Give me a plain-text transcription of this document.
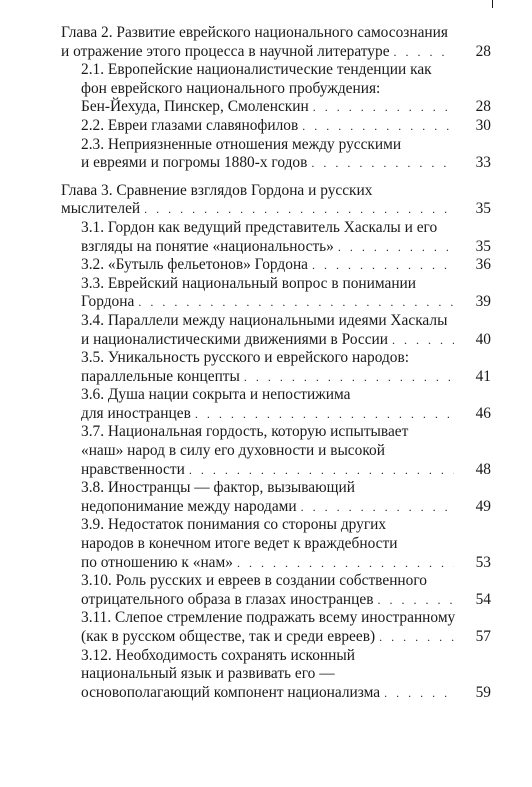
Глава 2. Развитие еврейского национального самосознания
и отражение этого процесса в научной литературе . . .	28
2.1. Европейские националистические тенденции как
фон еврейского национального пробуждения:
Бен-Йехуда, Пинскер, Смоленскин . . .	28
2.2. Евреи глазами славянофилов . . .	30
2.3. Неприязненные отношения между русскими
и евреями и погромы 1880-х годов . . .	33
Глава 3. Сравнение взглядов Гордона и русских
мыслителей . . .	35
3.1. Гордон как ведущий представитель Хаскалы и его
взгляды на понятие «национальность» . . .	35
3.2. «Бутыль фельетонов» Гордона . . .	36
3.3. Еврейский национальный вопрос в понимании
Гордона . . .	39
3.4. Параллели между национальными идеями Хаскалы
и националистическими движениями в России . . .	40
3.5. Уникальность русского и еврейского народов:
параллельные концепты . . .	41
3.6. Душа нации сокрыта и непостижима
для иностранцев . . .	46
3.7. Национальная гордость, которую испытывает
«наш» народ в силу его духовности и высокой
нравственности . . .	48
3.8. Иностранцы — фактор, вызывающий
недопонимание между народами . . .	49
3.9. Недостаток понимания со стороны других
народов в конечном итоге ведет к враждебности
по отношению к «нам» . . .	53
3.10. Роль русских и евреев в создании собственного
отрицательного образа в глазах иностранцев . . .	54
3.11. Слепое стремление подражать всему иностранному
(как в русском обществе, так и среди евреев) . . .	57
3.12. Необходимость сохранять исконный
национальный язык и развивать его —
основополагающий компонент национализма . . .	59
